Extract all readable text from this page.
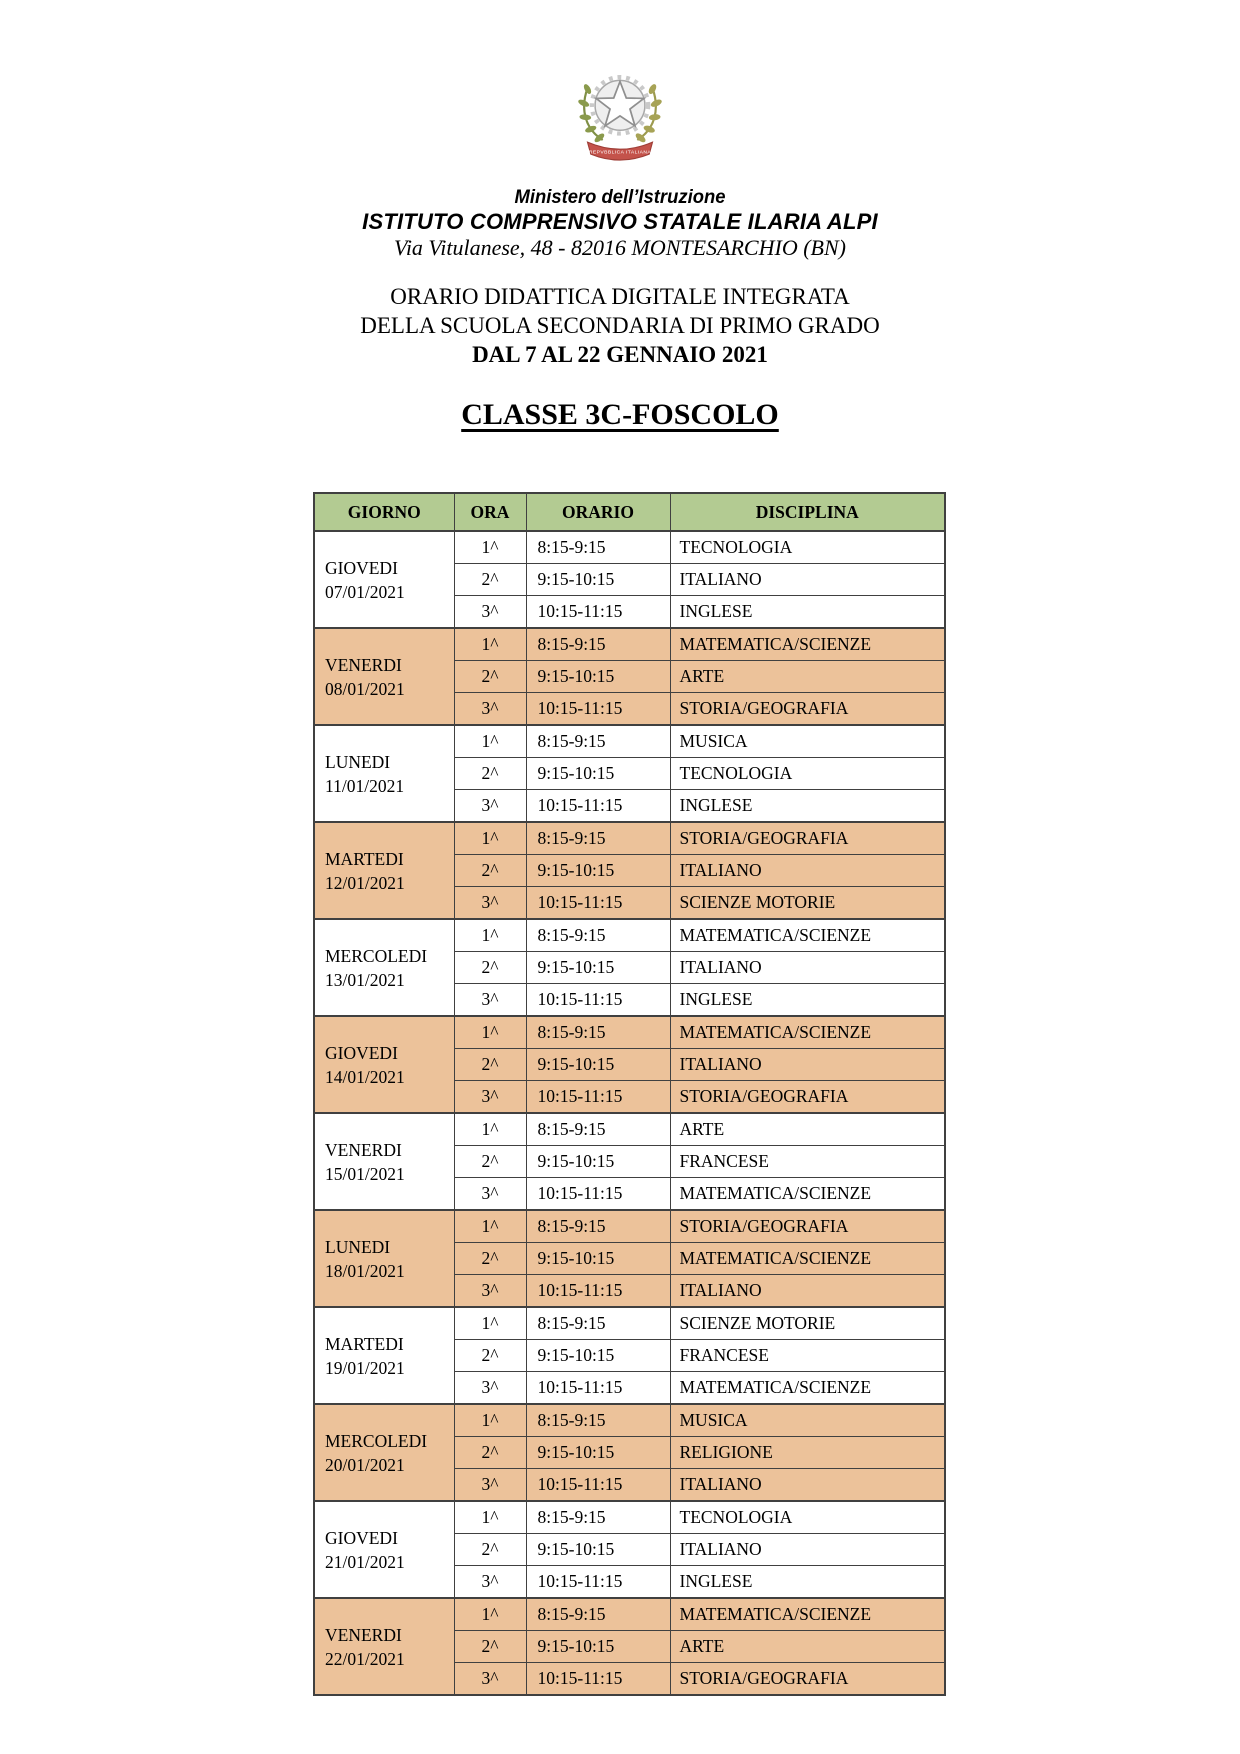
REPVBBLICA ITALIANA
Ministero dell’Istruzione
ISTITUTO COMPRENSIVO STATALE ILARIA ALPI
Via Vitulanese, 48 - 82016 MONTESARCHIO (BN)
ORARIO DIDATTICA DIGITALE INTEGRATA
DELLA SCUOLA SECONDARIA DI PRIMO GRADO
DAL 7 AL 22 GENNAIO 2021
CLASSE 3C-FOSCOLO
GIORNO	ORA	ORARIO	DISCIPLINA

GIOVEDI
07/01/2021	1^	8:15-9:15	TECNOLOGIA
	2^	9:15-10:15	ITALIANO
	3^	10:15-11:15	INGLESE

VENERDI
08/01/2021	1^	8:15-9:15	MATEMATICA/SCIENZE
	2^	9:15-10:15	ARTE
	3^	10:15-11:15	STORIA/GEOGRAFIA

LUNEDI
11/01/2021	1^	8:15-9:15	MUSICA
	2^	9:15-10:15	TECNOLOGIA
	3^	10:15-11:15	INGLESE

MARTEDI
12/01/2021	1^	8:15-9:15	STORIA/GEOGRAFIA
	2^	9:15-10:15	ITALIANO
	3^	10:15-11:15	SCIENZE MOTORIE

MERCOLEDI
13/01/2021	1^	8:15-9:15	MATEMATICA/SCIENZE
	2^	9:15-10:15	ITALIANO
	3^	10:15-11:15	INGLESE

GIOVEDI
14/01/2021	1^	8:15-9:15	MATEMATICA/SCIENZE
	2^	9:15-10:15	ITALIANO
	3^	10:15-11:15	STORIA/GEOGRAFIA

VENERDI
15/01/2021	1^	8:15-9:15	ARTE
	2^	9:15-10:15	FRANCESE
	3^	10:15-11:15	MATEMATICA/SCIENZE

LUNEDI
18/01/2021	1^	8:15-9:15	STORIA/GEOGRAFIA
	2^	9:15-10:15	MATEMATICA/SCIENZE
	3^	10:15-11:15	ITALIANO

MARTEDI
19/01/2021	1^	8:15-9:15	SCIENZE MOTORIE
	2^	9:15-10:15	FRANCESE
	3^	10:15-11:15	MATEMATICA/SCIENZE

MERCOLEDI
20/01/2021	1^	8:15-9:15	MUSICA
	2^	9:15-10:15	RELIGIONE
	3^	10:15-11:15	ITALIANO

GIOVEDI
21/01/2021	1^	8:15-9:15	TECNOLOGIA
	2^	9:15-10:15	ITALIANO
	3^	10:15-11:15	INGLESE

VENERDI
22/01/2021	1^	8:15-9:15	MATEMATICA/SCIENZE
	2^	9:15-10:15	ARTE
	3^	10:15-11:15	STORIA/GEOGRAFIA
